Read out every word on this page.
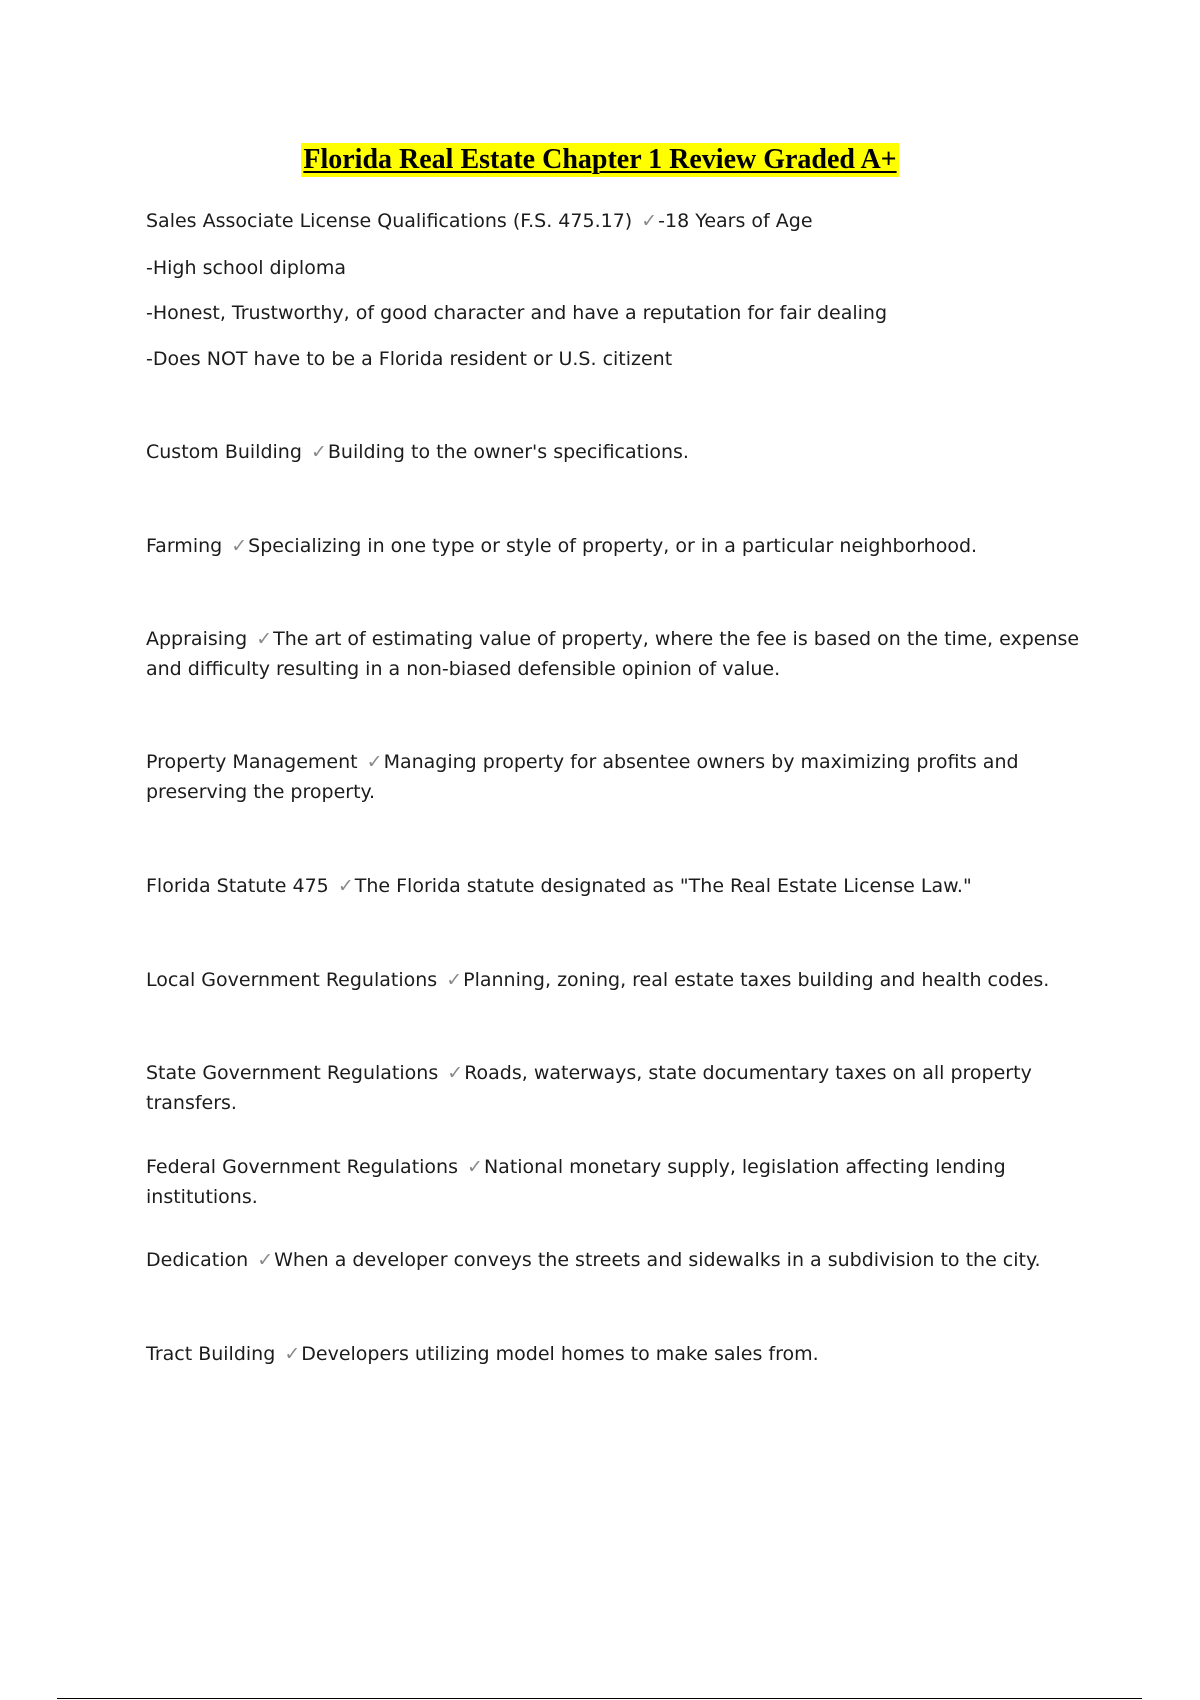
Florida Real Estate Chapter 1 Review Graded A+
Sales Associate License Qualifications (F.S. 475.17) ✓-18 Years of Age
-High school diploma
-Honest, Trustworthy, of good character and have a reputation for fair dealing
-Does NOT have to be a Florida resident or U.S. citizent
Custom Building ✓Building to the owner's specifications.
Farming ✓Specializing in one type or style of property, or in a particular neighborhood.
Appraising ✓The art of estimating value of property, where the fee is based on the time, expense and difficulty resulting in a non-biased defensible opinion of value.
Property Management ✓Managing property for absentee owners by maximizing profits and preserving the property.
Florida Statute 475 ✓The Florida statute designated as "The Real Estate License Law."
Local Government Regulations ✓Planning, zoning, real estate taxes building and health codes.
State Government Regulations ✓Roads, waterways, state documentary taxes on all property transfers.
Federal Government Regulations ✓National monetary supply, legislation affecting lending institutions.
Dedication ✓When a developer conveys the streets and sidewalks in a subdivision to the city.
Tract Building ✓Developers utilizing model homes to make sales from.
